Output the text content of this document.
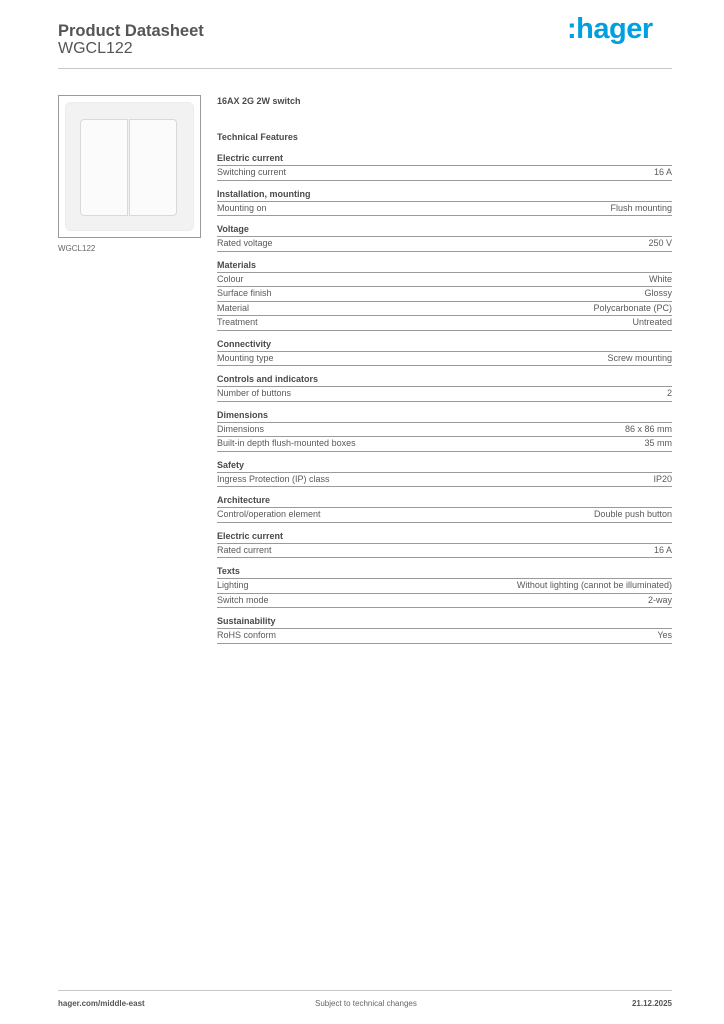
Product Datasheet
WGCL122
:hager
WGCL122
16AX 2G 2W switch
Technical Features
Electric current
Switching current	16 A
Installation, mounting
Mounting on	Flush mounting
Voltage
Rated voltage	250 V
Materials
Colour	White
Surface finish	Glossy
Material	Polycarbonate (PC)
Treatment	Untreated
Connectivity
Mounting type	Screw mounting
Controls and indicators
Number of buttons	2
Dimensions
Dimensions	86 x 86 mm
Built-in depth flush-mounted boxes	35 mm
Safety
Ingress Protection (IP) class	IP20
Architecture
Control/operation element	Double push button
Electric current
Rated current	16 A
Texts
Lighting	Without lighting (cannot be illuminated)
Switch mode	2-way
Sustainability
RoHS conform	Yes
hager.com/middle-east	Subject to technical changes	21.12.2025
